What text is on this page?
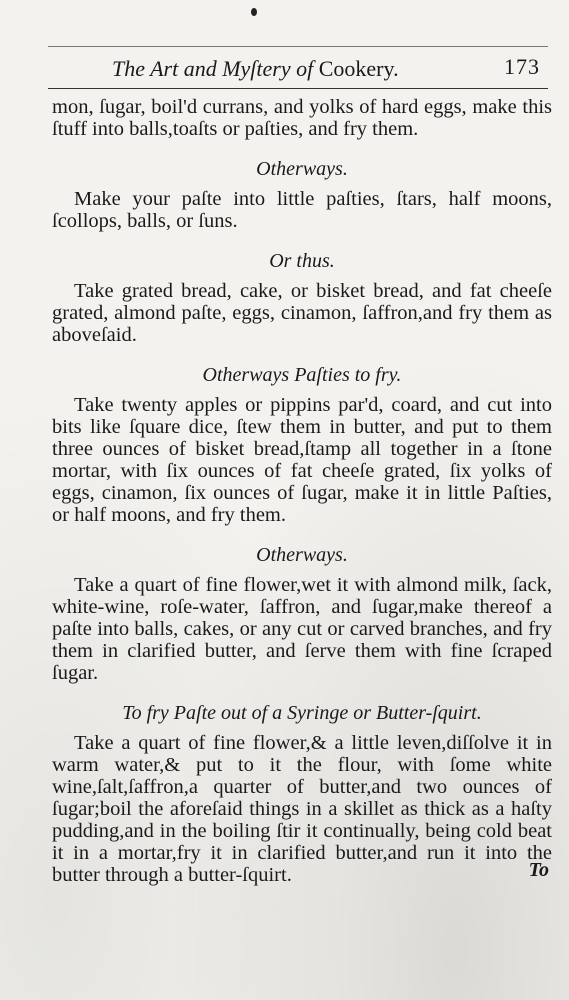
The Art and Myſtery of Cookery.	173

mon, ſugar, boil'd currans, and yolks of hard eggs, make this ſtuff into balls,toaſts or paſties, and fry them.

Otherways.

Make your paſte into little paſties, ſtars, half moons, ſcollops, balls, or ſuns.

Or thus.

Take grated bread, cake, or bisket bread, and fat cheeſe grated, almond paſte, eggs, cinamon, ſaffron,and fry them as aboveſaid.

Otherways Paſties to fry.

Take twenty apples or pippins par'd, coard, and cut into bits like ſquare dice, ſtew them in butter, and put to them three ounces of bisket bread,ſtamp all together in a ſtone mortar, with ſix ounces of fat cheeſe grated, ſix yolks of eggs, cinamon, ſix ounces of ſugar, make it in little Paſties, or half moons, and fry them.

Otherways.

Take a quart of fine flower,wet it with almond milk, ſack, white-wine, roſe-water, ſaffron, and ſugar,make thereof a paſte into balls, cakes, or any cut or carved branches, and fry them in clarified butter, and ſerve them with fine ſcraped ſugar.

To fry Paſte out of a Syringe or Butter-ſquirt.

Take a quart of fine flower,& a little leven,diſſolve it in warm water,& put to it the flour, with ſome white wine,ſalt,ſaffron,a quarter of butter,and two ounces of ſugar;boil the aforeſaid things in a skillet as thick as a haſty pudding,and in the boiling ſtir it continually, being cold beat it in a mortar,fry it in clarified butter,and run it into the butter through a butter-ſquirt.	To
